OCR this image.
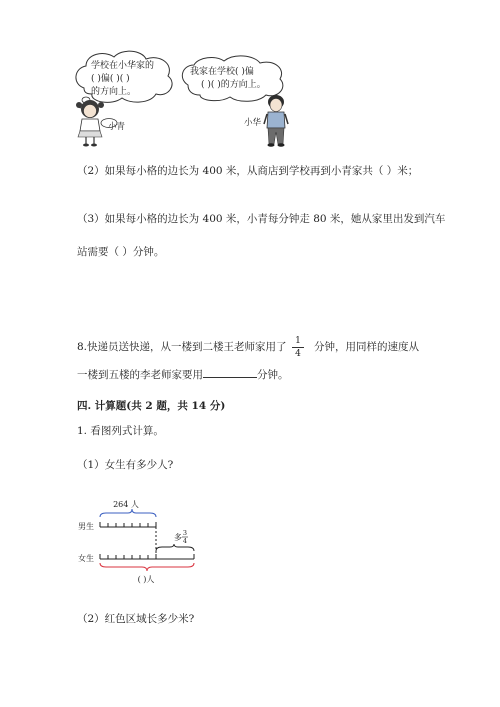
学校在小华家的
( )偏( )( )
的方向上。
我家在学校( )偏
( )( )的方向上。
小青	小华
（2）如果每小格的边长为 400 米，从商店到学校再到小青家共（ ）米；
（3）如果每小格的边长为 400 米，小青每分钟走 80 米，她从家里出发到汽车
站需要（ ）分钟。
8.快递员送快递，从一楼到二楼王老师家用了 1
4
分钟，用同样的速度从
一楼到五楼的李老师家要用	分钟。
四. 计算题(共 2 题，共 14 分)
1. 看图列式计算。
（1）女生有多少人?
264 人
男生
多 3
4
女生
( )人
（2）红色区域长多少米?
